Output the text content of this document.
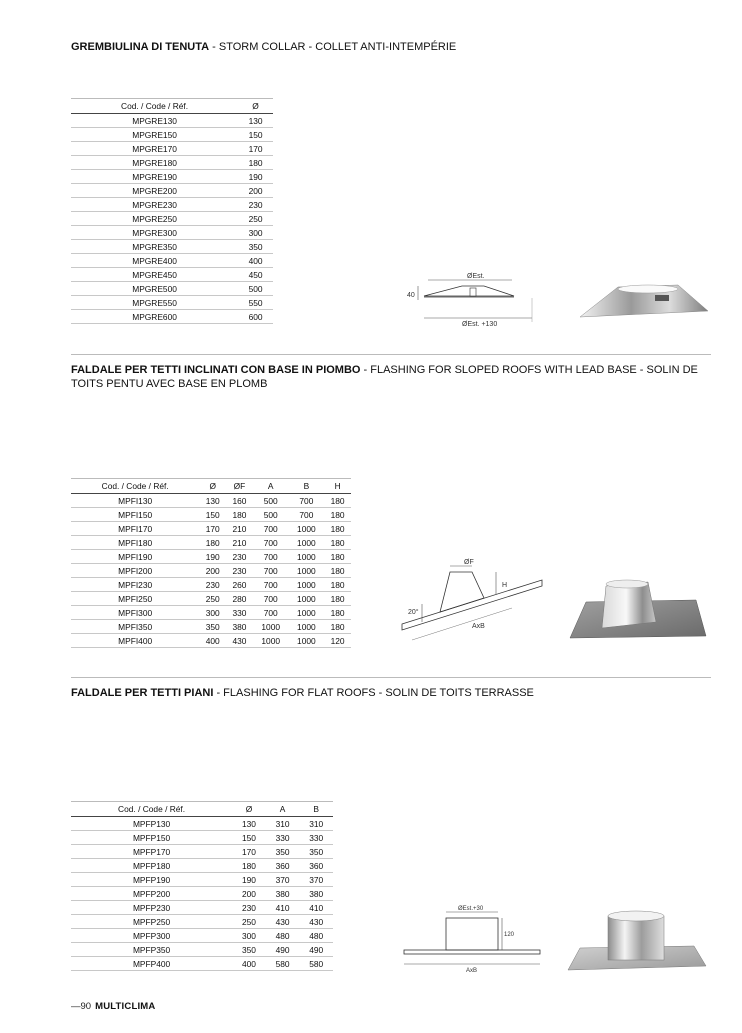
GREMBIULINA DI TENUTA - STORM COLLAR - COLLET ANTI-INTEMPÉRIE
Cod. / Code / Réf.	Ø
MPGRE130	130
MPGRE150	150
MPGRE170	170
MPGRE180	180
MPGRE190	190
MPGRE200	200
MPGRE230	230
MPGRE250	250
MPGRE300	300
MPGRE350	350
MPGRE400	400
MPGRE450	450
MPGRE500	500
MPGRE550	550
MPGRE600	600
ØEst.
40
ØEst. +130
FALDALE PER TETTI INCLINATI CON BASE IN PIOMBO - FLASHING FOR SLOPED ROOFS WITH LEAD BASE - SOLIN DE TOITS PENTU AVEC BASE EN PLOMB
Cod. / Code / Réf.	Ø	ØF	A	B	H
MPFI130	130	160	500	700	180
MPFI150	150	180	500	700	180
MPFI170	170	210	700	1000	180
MPFI180	180	210	700	1000	180
MPFI190	190	230	700	1000	180
MPFI200	200	230	700	1000	180
MPFI230	230	260	700	1000	180
MPFI250	250	280	700	1000	180
MPFI300	300	330	700	1000	180
MPFI350	350	380	1000	1000	180
MPFI400	400	430	1000	1000	120
ØF
H
20°
AxB
FALDALE PER TETTI PIANI - FLASHING FOR FLAT ROOFS - SOLIN DE TOITS TERRASSE
Cod. / Code / Réf.	Ø	A	B
MPFP130	130	310	310
MPFP150	150	330	330
MPFP170	170	350	350
MPFP180	180	360	360
MPFP190	190	370	370
MPFP200	200	380	380
MPFP230	230	410	410
MPFP250	250	430	430
MPFP300	300	480	480
MPFP350	350	490	490
MPFP400	400	580	580
ØEst.+30
120
AxB
—90 MULTICLIMA
